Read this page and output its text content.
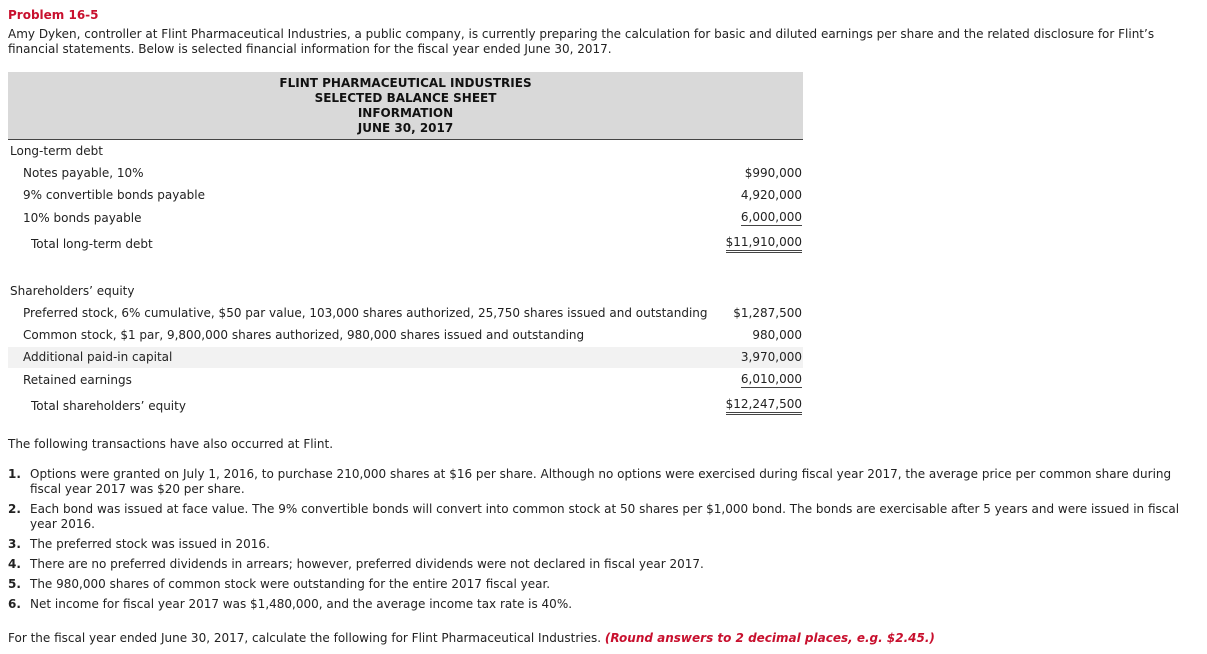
Problem 16-5
Amy Dyken, controller at Flint Pharmaceutical Industries, a public company, is currently preparing the calculation for basic and diluted earnings per share and the related disclosure for Flint’s financial statements. Below is selected financial information for the fiscal year ended June 30, 2017.
FLINT PHARMACEUTICAL INDUSTRIES
SELECTED BALANCE SHEET
INFORMATION
JUNE 30, 2017
Long-term debt
Notes payable, 10%	$990,000
9% convertible bonds payable	4,920,000
10% bonds payable	6,000,000
Total long-term debt	$11,910,000
Shareholders’ equity
Preferred stock, 6% cumulative, $50 par value, 103,000 shares authorized, 25,750 shares issued and outstanding $1,287,500
Common stock, $1 par, 9,800,000 shares authorized, 980,000 shares issued and outstanding	980,000
Additional paid-in capital	3,970,000
Retained earnings	6,010,000
Total shareholders’ equity	$12,247,500
The following transactions have also occurred at Flint.
1. Options were granted on July 1, 2016, to purchase 210,000 shares at $16 per share. Although no options were exercised during fiscal year 2017, the average price per common share during fiscal year 2017 was $20 per share.
2. Each bond was issued at face value. The 9% convertible bonds will convert into common stock at 50 shares per $1,000 bond. The bonds are exercisable after 5 years and were issued in fiscal year 2016.
3. The preferred stock was issued in 2016.
4. There are no preferred dividends in arrears; however, preferred dividends were not declared in fiscal year 2017.
5. The 980,000 shares of common stock were outstanding for the entire 2017 fiscal year.
6. Net income for fiscal year 2017 was $1,480,000, and the average income tax rate is 40%.
For the fiscal year ended June 30, 2017, calculate the following for Flint Pharmaceutical Industries. (Round answers to 2 decimal places, e.g. $2.45.)
